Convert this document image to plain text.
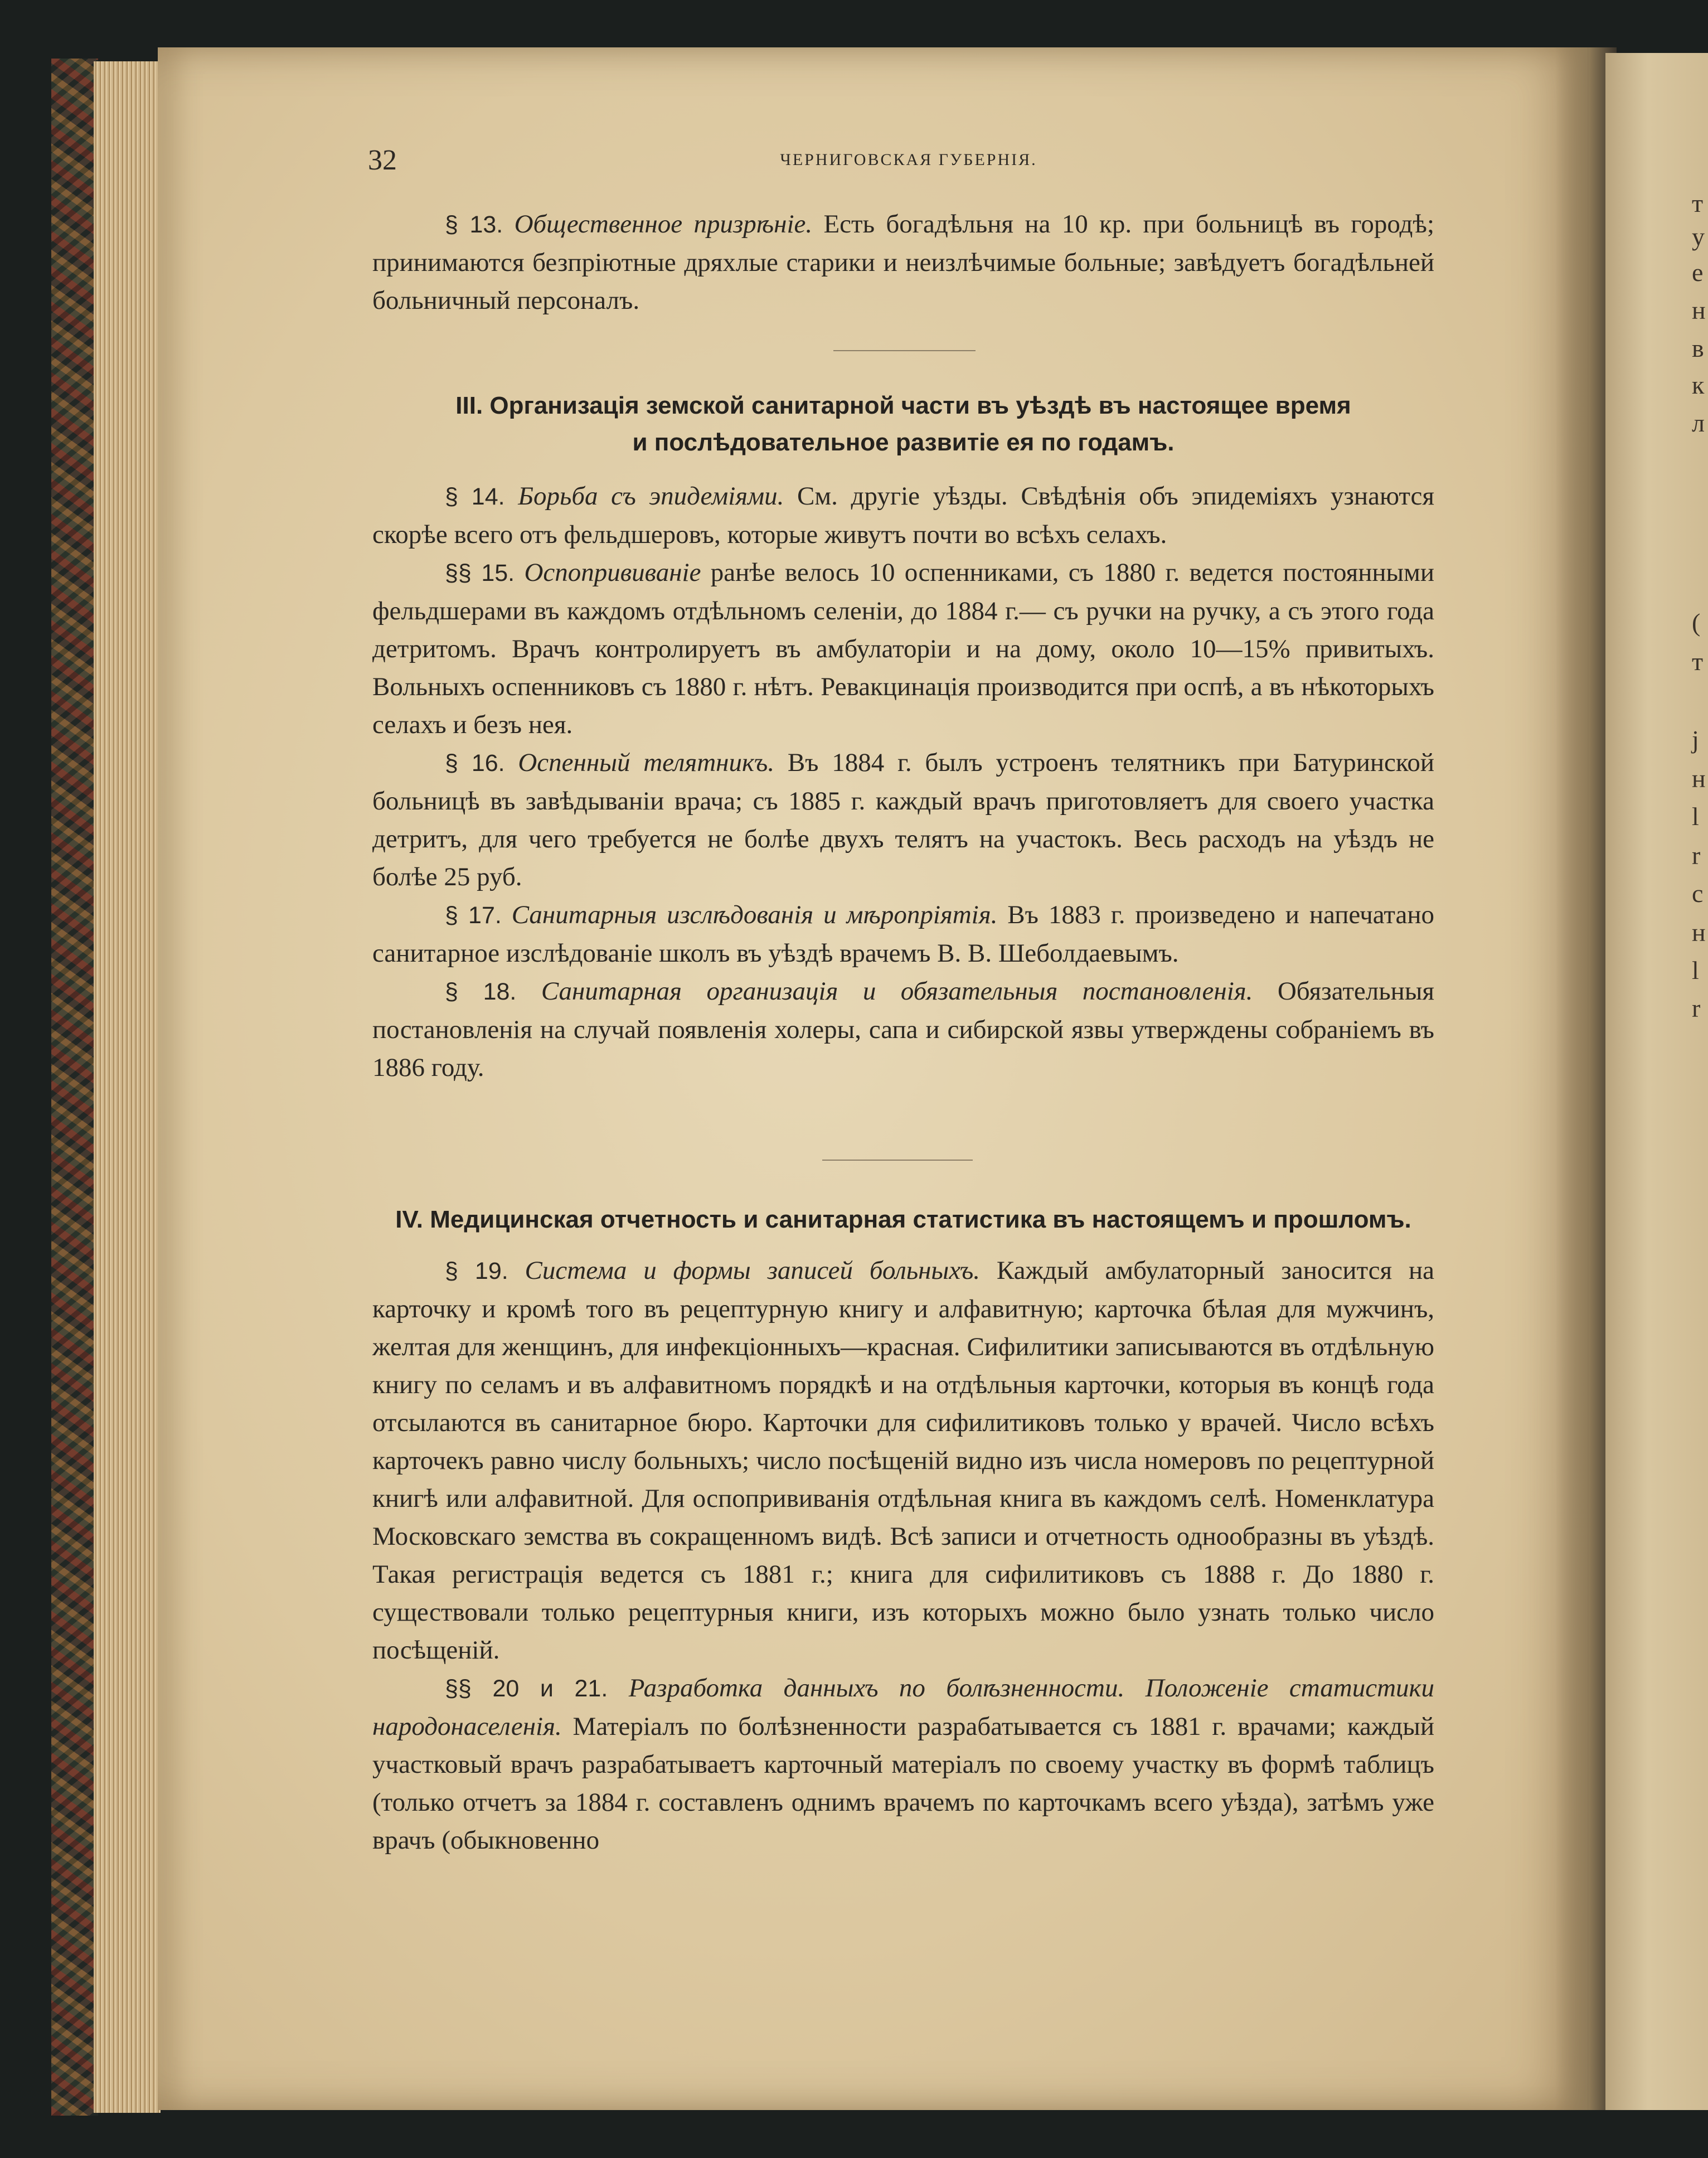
т
у
е
н
в
к
л
(
т
ј
н
l
r
с
н
l
r
32	ЧЕРНИГОВСКАЯ ГУБЕРНІЯ.

§ 13. Общественное призрѣніе. Есть богадѣльня на 10 кр. при больницѣ въ городѣ; принимаются безпріютные дряхлые старики и неизлѣчимые больные; завѣдуетъ богадѣльней больничный персоналъ.

III. Организація земской санитарной части въ уѣздѣ въ настоящее время
и послѣдовательное развитіе ея по годамъ.

§ 14. Борьба съ эпидеміями. См. другіе уѣзды. Свѣдѣнія объ эпидеміяхъ узнаются скорѣе всего отъ фельдшеровъ, которые живутъ почти во всѣхъ селахъ.

§§ 15. Оспопрививаніе ранѣе велось 10 оспенниками, съ 1880 г. ведется постоянными фельдшерами въ каждомъ отдѣльномъ селеніи, до 1884 г.— съ ручки на ручку, а съ этого года детритомъ. Врачъ контролируетъ въ амбулаторіи и на дому, около 10—15% привитыхъ. Вольныхъ оспенниковъ съ 1880 г. нѣтъ. Ревакцинація производится при оспѣ, а въ нѣкоторыхъ селахъ и безъ нея.

§ 16. Оспенный телятникъ. Въ 1884 г. былъ устроенъ телятникъ при Батуринской больницѣ въ завѣдываніи врача; съ 1885 г. каждый врачъ приготовляетъ для своего участка детритъ, для чего требуется не болѣе двухъ телятъ на участокъ. Весь расходъ на уѣздъ не болѣе 25 руб.

§ 17. Санитарныя изслѣдованія и мѣропріятія. Въ 1883 г. произведено и напечатано санитарное изслѣдованіе школъ въ уѣздѣ врачемъ В. В. Шеболдаевымъ.

§ 18. Санитарная организація и обязательныя постановленія. Обязательныя постановленія на случай появленія холеры, сапа и сибирской язвы утверждены собраніемъ въ 1886 году.

IV. Медицинская отчетность и санитарная статистика въ настоящемъ и прошломъ.

§ 19. Система и формы записей больныхъ. Каждый амбулаторный заносится на карточку и кромѣ того въ рецептурную книгу и алфавитную; карточка бѣлая для мужчинъ, желтая для женщинъ, для инфекціонныхъ—красная. Сифилитики записываются въ отдѣльную книгу по селамъ и въ алфавитномъ порядкѣ и на отдѣльныя карточки, которыя въ концѣ года отсылаются въ санитарное бюро. Карточки для сифилитиковъ только у врачей. Число всѣхъ карточекъ равно числу больныхъ; число посѣщеній видно изъ числа номеровъ по рецептурной книгѣ или алфавитной. Для оспопрививанія отдѣльная книга въ каждомъ селѣ. Номенклатура Московскаго земства въ сокращенномъ видѣ. Всѣ записи и отчетность однообразны въ уѣздѣ. Такая регистрація ведется съ 1881 г.; книга для сифилитиковъ съ 1888 г. До 1880 г. существовали только рецептурныя книги, изъ которыхъ можно было узнать только число посѣщеній.

§§ 20 и 21. Разработка данныхъ по болѣзненности. Положеніе статистики народонаселенія. Матеріалъ по болѣзненности разрабатывается съ 1881 г. врачами; каждый участковый врачъ разрабатываетъ карточный матеріалъ по своему участку въ формѣ таблицъ (только отчетъ за 1884 г. составленъ однимъ врачемъ по карточкамъ всего уѣзда), затѣмъ уже врачъ (обыкновенно
